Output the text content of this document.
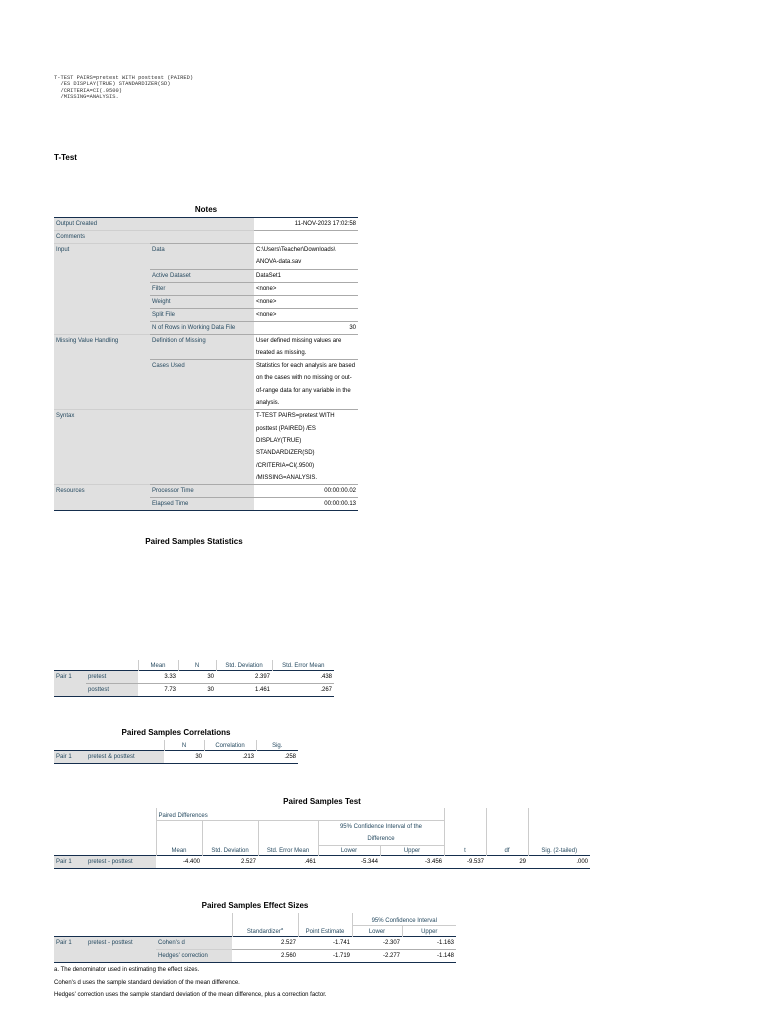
T-TEST PAIRS=pretest WITH posttest (PAIRED)
/ES DISPLAY(TRUE) STANDARDIZER(SD)
/CRITERIA=CI(.9500)
/MISSING=ANALYSIS.
T-Test
Notes
Output Created		11-NOV-2023 17:02:58
Comments		
Input	Data	C:\Users\Teacher\Downloads\ ANOVA-data.sav
	Active Dataset	DataSet1
	Filter	<none>
	Weight	<none>
	Split File	<none>
	N of Rows in Working Data File	30
Missing Value Handling	Definition of Missing	User defined missing values are treated as missing.
	Cases Used	Statistics for each analysis are based on the cases with no missing or out-of-range data for any variable in the analysis.
Syntax		T-TEST PAIRS=pretest WITH posttest (PAIRED) /ES DISPLAY(TRUE) STANDARDIZER(SD) /CRITERIA=CI(.9500) /MISSING=ANALYSIS.
Resources	Processor Time	00:00:00.02
	Elapsed Time	00:00:00.13
Paired Samples Statistics
		Mean	N	Std. Deviation	Std. Error Mean
Pair 1	pretest	3.33	30	2.397	.438
	posttest	7.73	30	1.461	.267
Paired Samples Correlations
		N	Correlation	Sig.
Pair 1	pretest & posttest	30	.213	.258
Paired Samples Test
		Paired Differences							
					95% Confidence Interval of the Difference				
		Mean	Std. Deviation	Std. Error Mean	Lower	Upper	t	df	Sig. (2-tailed)
Pair 1	pretest - posttest	-4.400	2.527	.461	-5.344	-3.456	-9.537	29	.000
Paired Samples Effect Sizes
					95% Confidence Interval	
			Standardizer$^a$	Point Estimate	Lower	Upper
Pair 1	pretest - posttest	Cohen's d	2.527	-1.741	-2.307	-1.163
		Hedges' correction	2.560	-1.719	-2.277	-1.148
a. The denominator used in estimating the effect sizes.
Cohen's d uses the sample standard deviation of the mean difference.
Hedges' correction uses the sample standard deviation of the mean difference, plus a correction factor.
